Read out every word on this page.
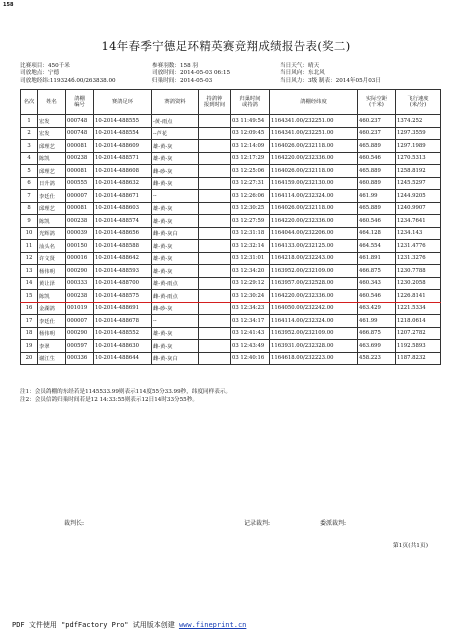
158
14年春季宁德足环精英赛竞翔成绩报告表(奖二)
比赛项目：450千米	参赛羽数：158 羽	当日天气：晴天
司放地点：宁德	司放时间：2014-05-03 06:15	当日风向：东北风
司放地经纬:119324б.00/263838.00	归巢时间：2014-05-03	当日风力：3级 制表：2014年05月03日
名次	姓名	鸽棚
编号	赛鸽足环	赛鸽资料	持鸽钟
报到时间	归巢时间
或持鸽	鸽棚经纬度	实际空距
(千米)	飞行速度
(米/分)
1	宏发	000748	10-2014-488555	-黄-雨点		03 11:49:54	1164341.00/232251.00	460.237	1374.252
2	宏发	000748	10-2014-488554	--芦花		03 12:09:45	1164341.00/232251.00	460.237	1297.3559
3	邱理艺	000081	10-2014-488609	雄-黄-灰		03 12:14:09	1164026.00/232118.00	465.889	1297.1989
4	陈凯	000238	10-2014-488571	雄-黄-灰		03 12:17:29	1164220.00/232336.00	460.546	1270.5313
5	邱理艺	000081	10-2014-488608	雌-砂-灰		03 12:25:06	1164026.00/232118.00	465.889	1258.8192
6	日升鸽	000555	10-2014-488632	雌-黄-灰		03 12:27:31	1164159.00/232130.00	460.889	1245.5297
7	李廷仕	000007	10-2014-488671	--		03 12:26:06	1164114.00/232324.00	461.99	1244.9205
8	邱理艺	000081	10-2014-488603	雄-黄-灰		03 12:30:25	1164026.00/232118.00	465.889	1240.9907
9	陈凯	000238	10-2014-488574	雄-黄-灰		03 12:27:59	1164220.00/232336.00	460.546	1234.7641
10	光辉鸽	000039	10-2014-488656	雌-黄-灰白		03 12:31:18	1164044.00/232206.00	464.128	1234.143
11	汕头名	000150	10-2014-488588	雄-黄-灰		03 12:32:14	1164133.00/232125.00	464.554	1231.4776
12	许文贤	000016	10-2014-488642	雄-黄-灰		03 12:31:01	1164218.00/232243.00	461.891	1231.3276
13	杨伟明	000290	10-2014-488593	雄-黄-灰		03 12:34:20	1163952.00/232109.00	466.875	1230.7788
14	黄让泽	000333	10-2014-488700	雄-黄-雨点		03 12:29:12	1163957.00/232528.00	460.343	1230.2058
15	陈凯	000238	10-2014-488575	雌-黄-雨点		03 12:30:24	1164220.00/232336.00	460.546	1226.8141
16	金湖鸽	001019	10-2014-488691	雌-砂-灰		03 12:34:23	1164050.00/232242.00	463.429	1221.5334
17	李廷仕	000007	10-2014-488678	--		03 12:34:17	1164114.00/232324.00	461.99	1218.0614
18	杨伟明	000290	10-2014-488552	雄-黄-灰		03 12:41:43	1163952.00/232109.00	466.875	1207.2782
19	李翠	000597	10-2014-488630	雌-黄-灰		03 12:43:49	1163931.00/232328.00	463.699	1192.5893
20	谢江生	000336	10-2014-488644	雌-黄-灰白		03 12:40:16	1164618.00/232223.00	458.223	1187.8232
注1：会员鸽棚的东经若是1145533.99则表示114度55分33.99秒，纬度同样表示。
注2：会员信鸽归巢时间若是12 14:33:55则表示12日14时33分55秒。
裁判长:	记录裁判:	委派裁判:
第1页(共1页)
PDF 文件使用 "pdfFactory Pro" 试用版本创建 www.fineprint.cn
